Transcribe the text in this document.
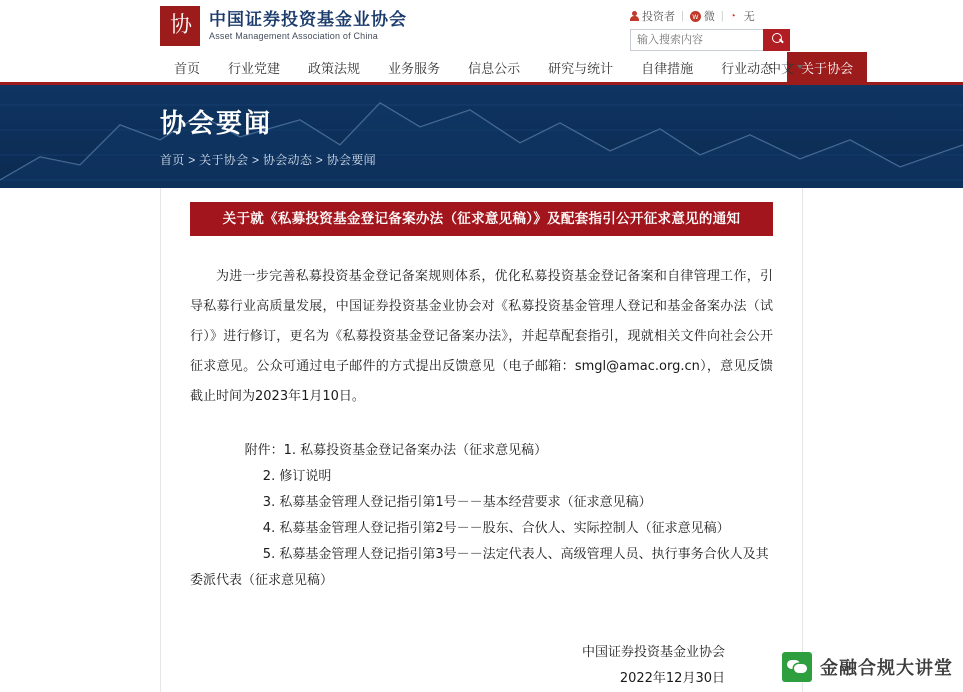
协	中国证券投资基金业协会
Asset Management Association of China
投资者 |	w 微 | ◔ 无
输入搜索内容
首页	行业党建	政策法规	业务服务	信息公示	研究与统计	自律措施	行业动态	关于协会
中文
协会要闻
首页 > 关于协会 > 协会动态 > 协会要闻
关于就《私募投资基金登记备案办法（征求意见稿）》及配套指引公开征求意见的通知

为进一步完善私募投资基金登记备案规则体系，优化私募投资基金登记备案和自律管理工作，引导私募行业高质量发展，中国证券投资基金业协会对《私募投资基金管理人登记和基金备案办法（试行）》进行修订，更名为《私募投资基金登记备案办法》，并起草配套指引，现就相关文件向社会公开征求意见。公众可通过电子邮件的方式提出反馈意见（电子邮箱：smgl@amac.org.cn），意见反馈截止时间为2023年1月10日。

附件：1. 私募投资基金登记备案办法（征求意见稿）
2. 修订说明
3. 私募基金管理人登记指引第1号－－基本经营要求（征求意见稿）
4. 私募基金管理人登记指引第2号－－股东、合伙人、实际控制人（征求意见稿）
5. 私募基金管理人登记指引第3号－－法定代表人、高级管理人员、执行事务合伙人及其
委派代表（征求意见稿）
中国证券投资基金业协会
2022年12月30日	金融合规大讲堂
